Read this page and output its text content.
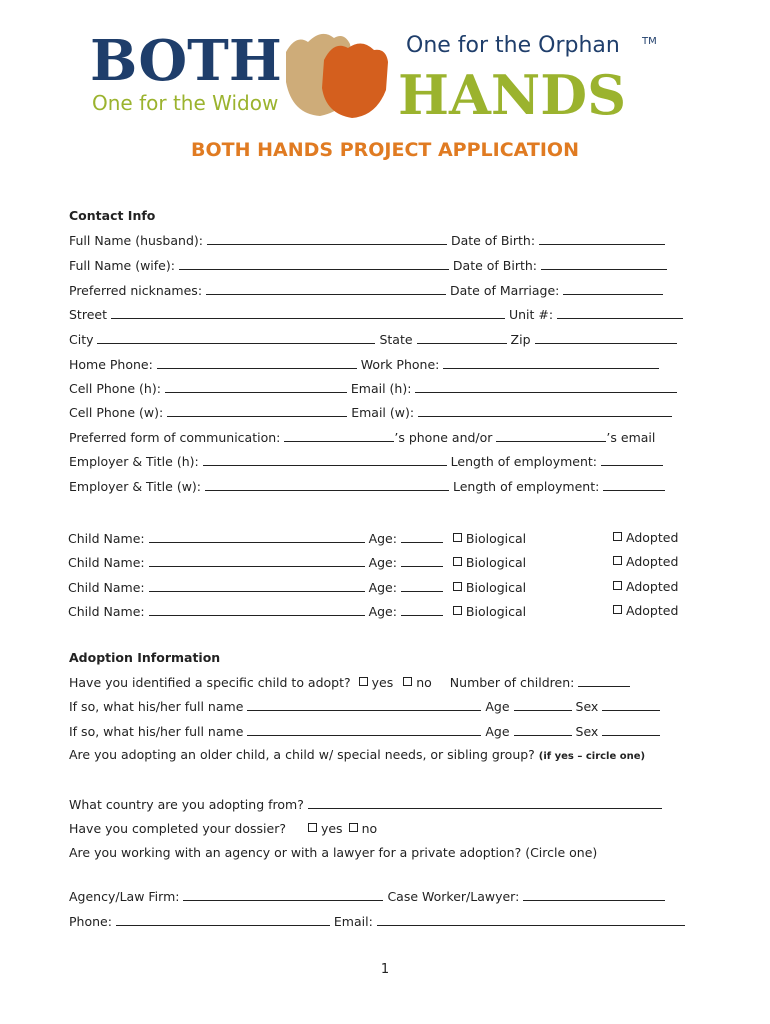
BOTH	One for the Orphan TM
HANDS
One for the Widow
BOTH HANDS PROJECT APPLICATION
Contact Info
Full Name (husband):	Date of Birth:
Full Name (wife):	Date of Birth:
Preferred nicknames:	Date of Marriage:
Street	Unit #:
City	State	Zip
Home Phone:	Work Phone:
Cell Phone (h):	Email (h):
Cell Phone (w):	Email (w):
Preferred form of communication:	’s phone and/or	’s email
Employer & Title (h):	Length of employment:
Employer & Title (w):	Length of employment:
Child Name:	Age:	Biological	Adopted
Child Name:	Age:	Biological	Adopted
Child Name:	Age:	Biological	Adopted
Child Name:	Age:	Biological	Adopted
Adoption Information
Have you identified a specific child to adopt? yes no Number of children:
If so, what his/her full name	Age	Sex
If so, what his/her full name	Age	Sex
Are you adopting an older child, a child w/ special needs, or sibling group? (if yes – circle one)
What country are you adopting from?
Have you completed your dossier?	yes no
Are you working with an agency or with a lawyer for a private adoption? (Circle one)
Agency/Law Firm:	Case Worker/Lawyer:
Phone:	Email:
1
